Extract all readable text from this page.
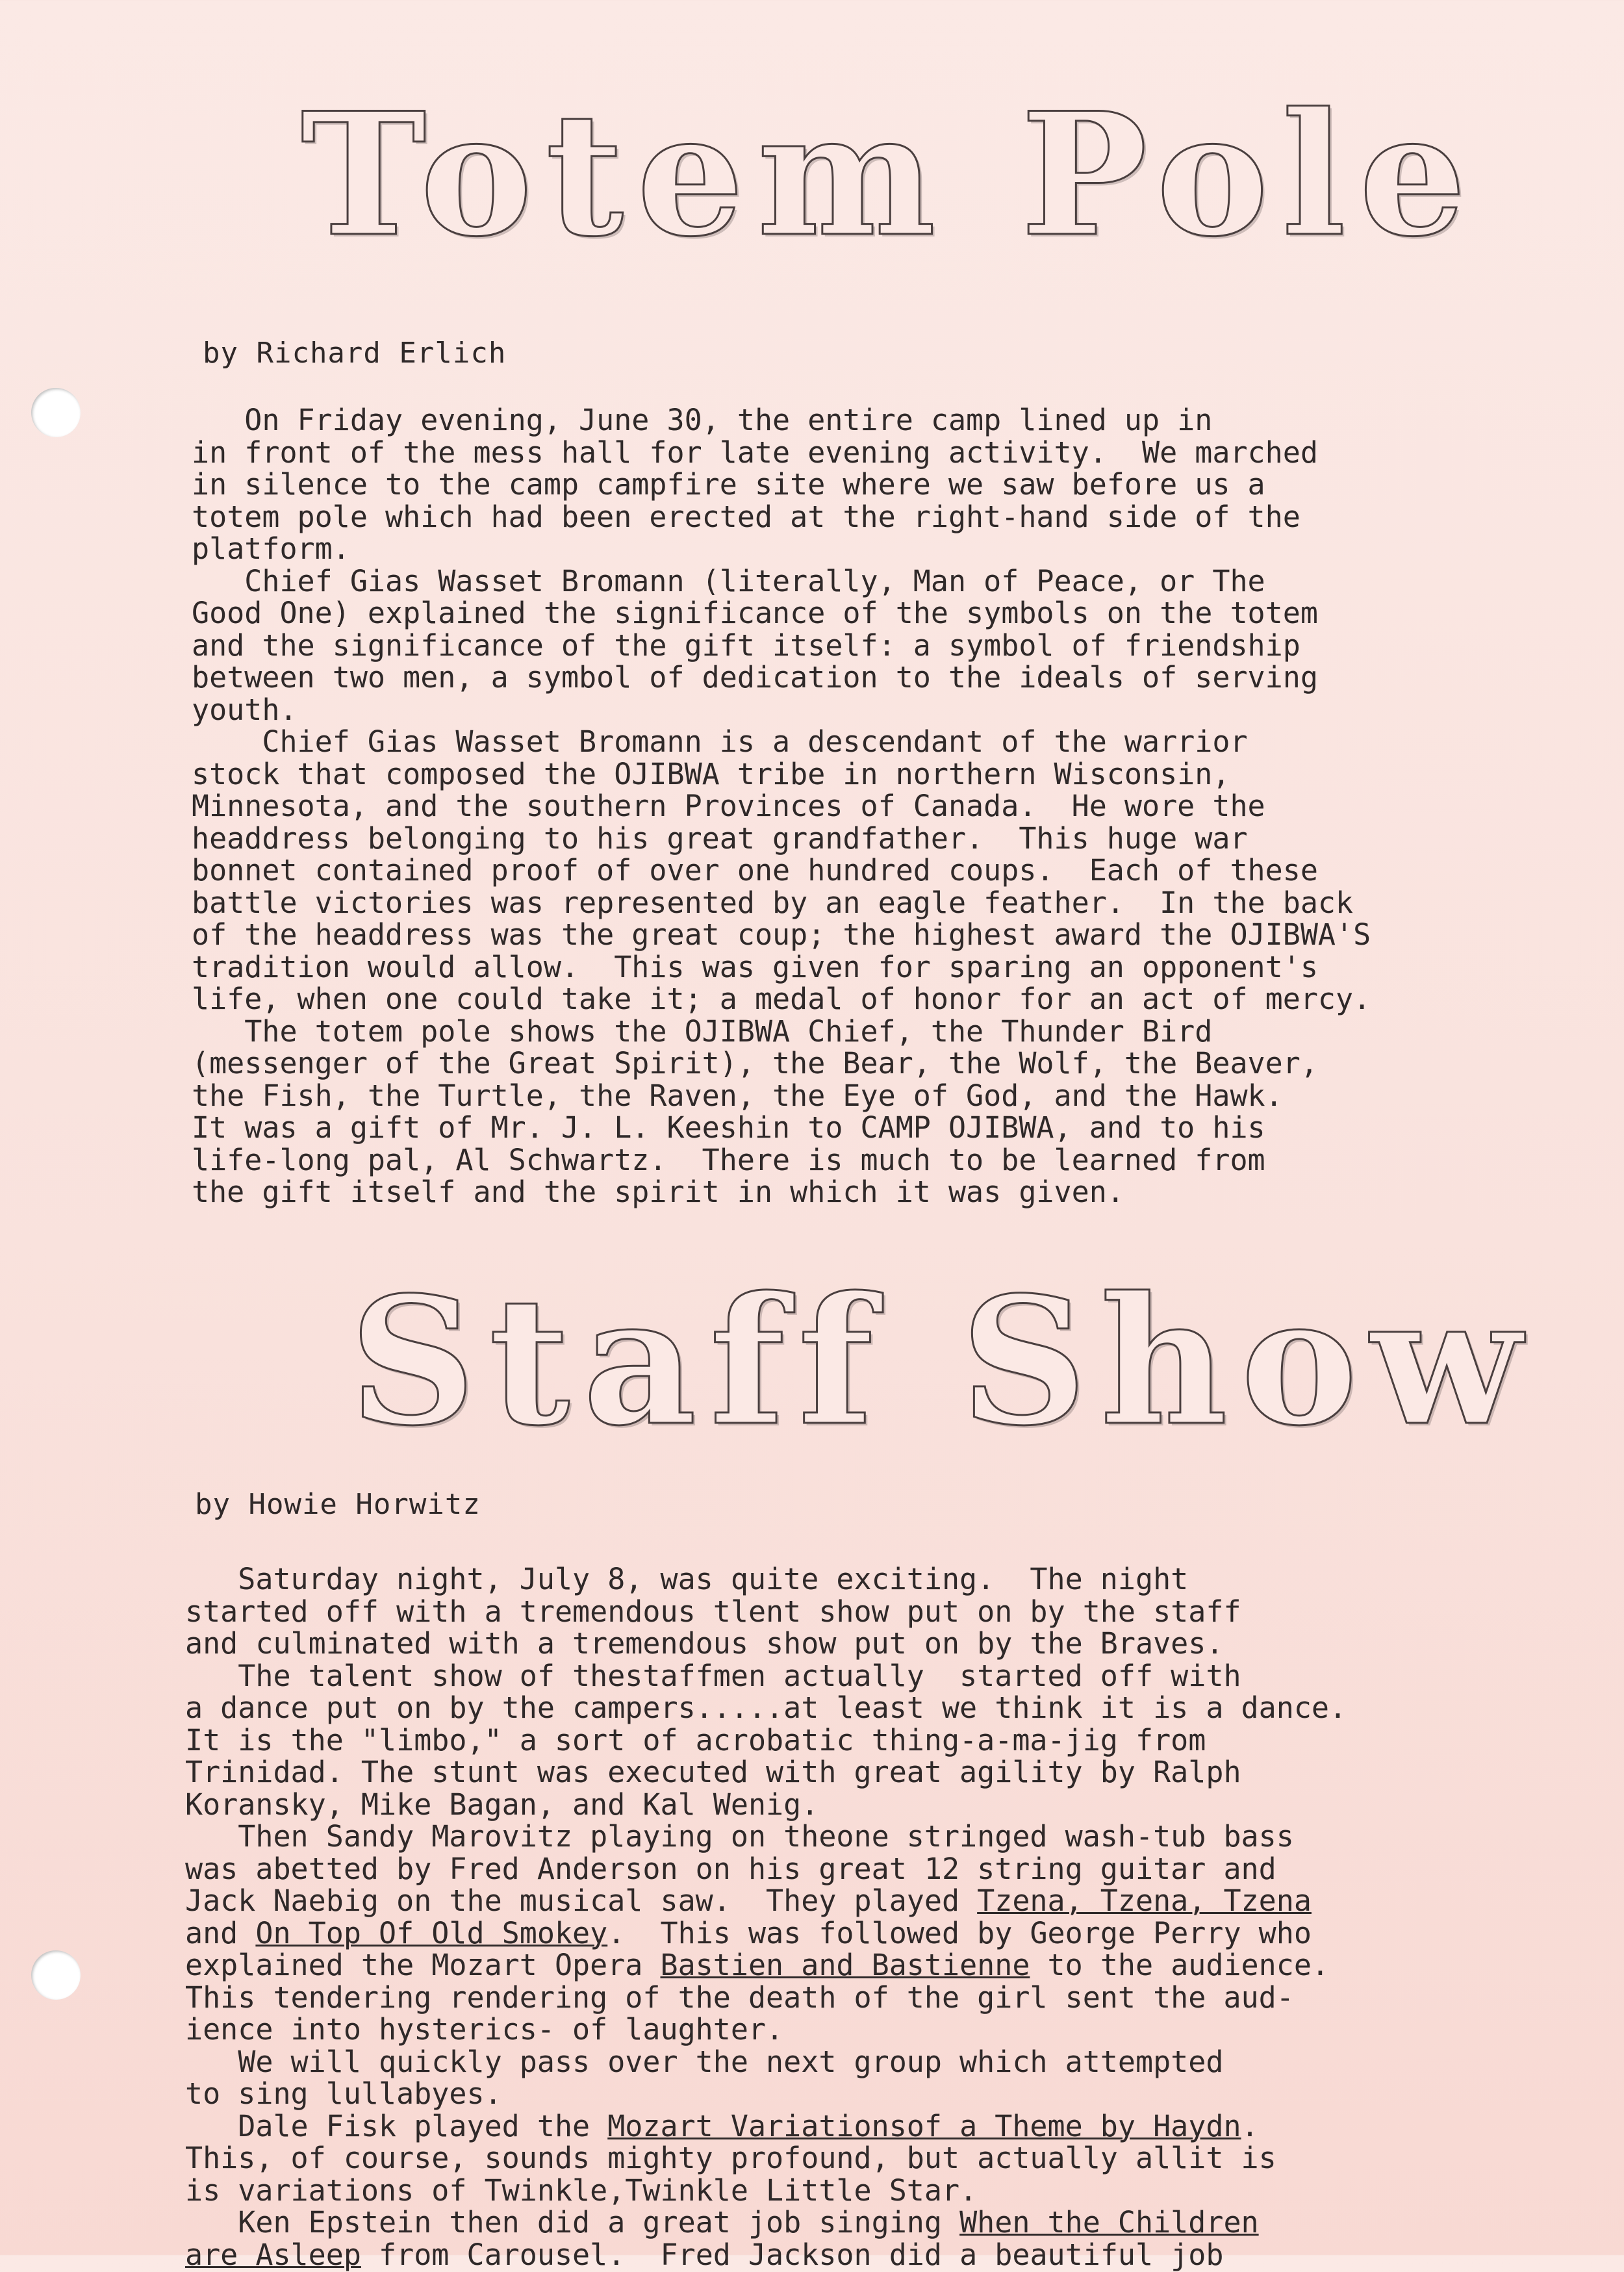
Totem Pole
by Richard Erlich
On Friday evening, June 30, the entire camp lined up in
in front of the mess hall for late evening activity.  We marched
in silence to the camp campfire site where we saw before us a
totem pole which had been erected at the right-hand side of the
platform.
Chief Gias Wasset Bromann (literally, Man of Peace, or The
Good One) explained the significance of the symbols on the totem
and the significance of the gift itself: a symbol of friendship
between two men, a symbol of dedication to the ideals of serving
youth.
Chief Gias Wasset Bromann is a descendant of the warrior
stock that composed the OJIBWA tribe in northern Wisconsin,
Minnesota, and the southern Provinces of Canada.  He wore the
headdress belonging to his great grandfather.  This huge war
bonnet contained proof of over one hundred coups.  Each of these
battle victories was represented by an eagle feather.  In the back
of the headdress was the great coup; the highest award the OJIBWA'S
tradition would allow.  This was given for sparing an opponent's
life, when one could take it; a medal of honor for an act of mercy.
The totem pole shows the OJIBWA Chief, the Thunder Bird
(messenger of the Great Spirit), the Bear, the Wolf, the Beaver,
the Fish, the Turtle, the Raven, the Eye of God, and the Hawk.
It was a gift of Mr. J. L. Keeshin to CAMP OJIBWA, and to his
life-long pal, Al Schwartz.  There is much to be learned from
the gift itself and the spirit in which it was given.
Staff Show
by Howie Horwitz
Saturday night, July 8, was quite exciting.  The night
started off with a tremendous tlent show put on by the staff
and culminated with a tremendous show put on by the Braves.
The talent show of thestaffmen actually  started off with
a dance put on by the campers.....at least we think it is a dance.
It is the "limbo," a sort of acrobatic thing-a-ma-jig from
Trinidad. The stunt was executed with great agility by Ralph
Koransky, Mike Bagan, and Kal Wenig.
Then Sandy Marovitz playing on theone stringed wash-tub bass
was abetted by Fred Anderson on his great 12 string guitar and
Jack Naebig on the musical saw.  They played Tzena, Tzena, Tzena
and On Top Of Old Smokey.  This was followed by George Perry who
explained the Mozart Opera Bastien and Bastienne to the audience.
This tendering rendering of the death of the girl sent the aud-
ience into hysterics- of laughter.
We will quickly pass over the next group which attempted
to sing lullabyes.
Dale Fisk played the Mozart Variationsof a Theme by Haydn.
This, of course, sounds mighty profound, but actually allit is
is variations of Twinkle,Twinkle Little Star.
Ken Epstein then did a great job singing When the Children
are Asleep from Carousel.  Fred Jackson did a beautiful job
